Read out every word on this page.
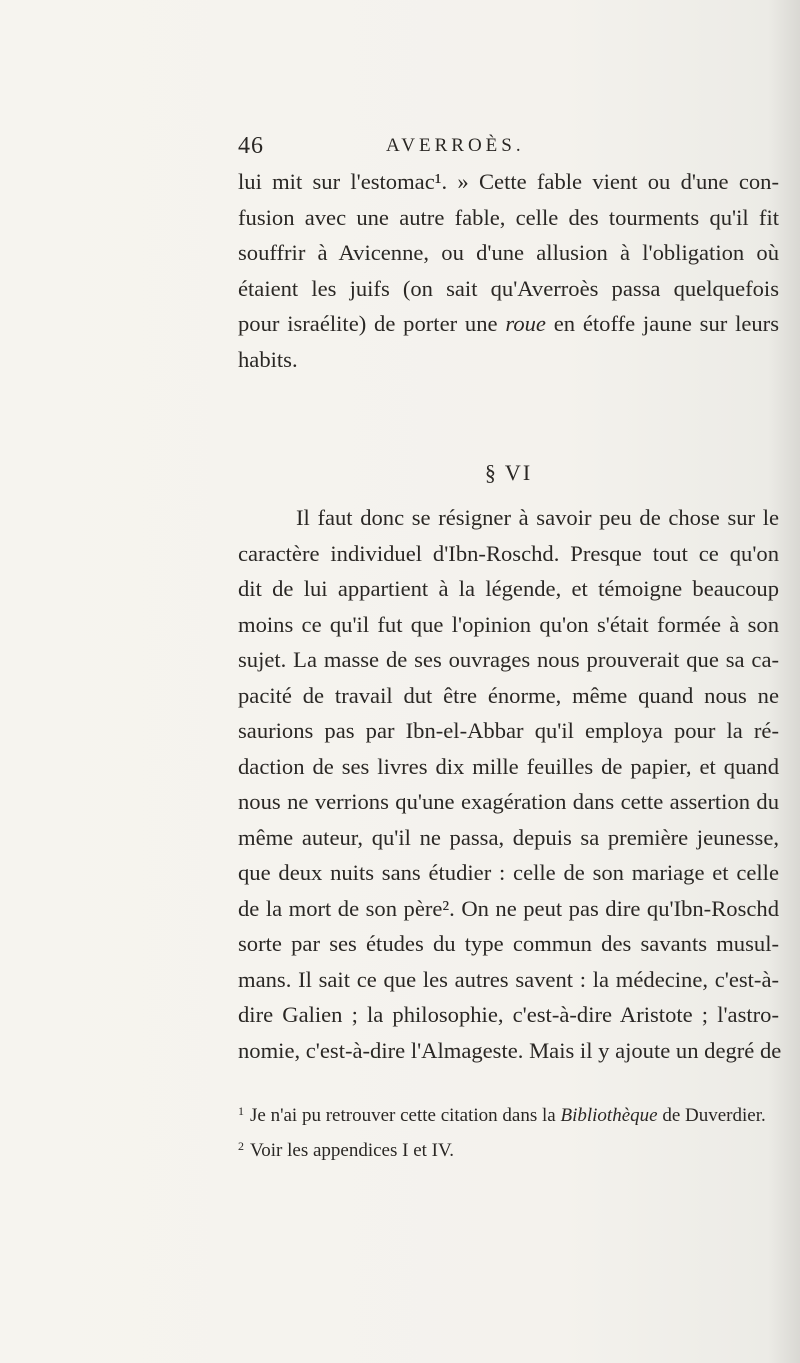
46	AVERROÈS.
lui mit sur l'estomac¹. » Cette fable vient ou d'une con-
fusion avec une autre fable, celle des tourments qu'il fit
souffrir à Avicenne, ou d'une allusion à l'obligation où
étaient les juifs (on sait qu'Averroès passa quelquefois
pour israélite) de porter une roue en étoffe jaune sur leurs
habits.
§ VI
Il faut donc se résigner à savoir peu de chose sur le
caractère individuel d'Ibn-Roschd. Presque tout ce qu'on
dit de lui appartient à la légende, et témoigne beaucoup
moins ce qu'il fut que l'opinion qu'on s'était formée à son
sujet. La masse de ses ouvrages nous prouverait que sa ca-
pacité de travail dut être énorme, même quand nous ne
saurions pas par Ibn-el-Abbar qu'il employa pour la ré-
daction de ses livres dix mille feuilles de papier, et quand
nous ne verrions qu'une exagération dans cette assertion du
même auteur, qu'il ne passa, depuis sa première jeunesse,
que deux nuits sans étudier : celle de son mariage et celle
de la mort de son père². On ne peut pas dire qu'Ibn-Roschd
sorte par ses études du type commun des savants musul-
mans. Il sait ce que les autres savent : la médecine, c'est-à-
dire Galien ; la philosophie, c'est-à-dire Aristote ; l'astro-
nomie, c'est-à-dire l'Almageste. Mais il y ajoute un degré de
$^1$ Je n'ai pu retrouver cette citation dans la Bibliothèque de Duverdier.
$^2$ Voir les appendices I et IV.
